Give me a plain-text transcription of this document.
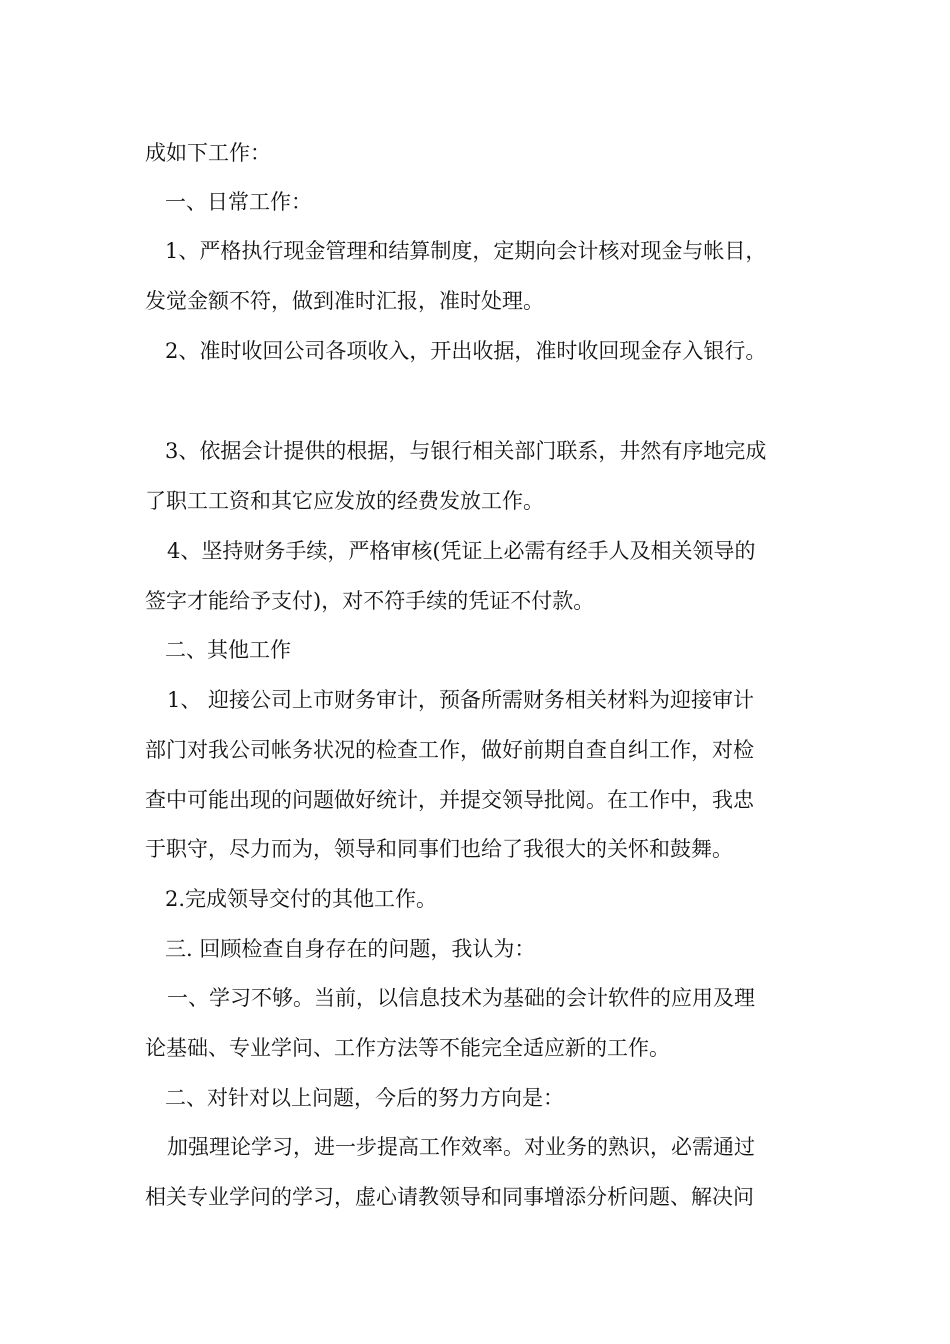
成如下工作：
一、日常工作：
1、严格执行现金管理和结算制度，定期向会计核对现金与帐目，
发觉金额不符，做到准时汇报，准时处理。
2、准时收回公司各项收入，开出收据，准时收回现金存入银行。
3、依据会计提供的根据，与银行相关部门联系，井然有序地完成
了职工工资和其它应发放的经费发放工作。
4、坚持财务手续，严格审核(凭证上必需有经手人及相关领导的
签字才能给予支付)，对不符手续的凭证不付款。
二、其他工作
1、 迎接公司上市财务审计，预备所需财务相关材料为迎接审计
部门对我公司帐务状况的检查工作，做好前期自查自纠工作，对检
查中可能出现的问题做好统计，并提交领导批阅。在工作中，我忠
于职守，尽力而为，领导和同事们也给了我很大的关怀和鼓舞。
2.完成领导交付的其他工作。
三. 回顾检查自身存在的问题，我认为：
一、学习不够。当前，以信息技术为基础的会计软件的应用及理
论基础、专业学问、工作方法等不能完全适应新的工作。
二、对针对以上问题，今后的努力方向是：
加强理论学习，进一步提高工作效率。对业务的熟识，必需通过
相关专业学问的学习，虚心请教领导和同事增添分析问题、解决问
